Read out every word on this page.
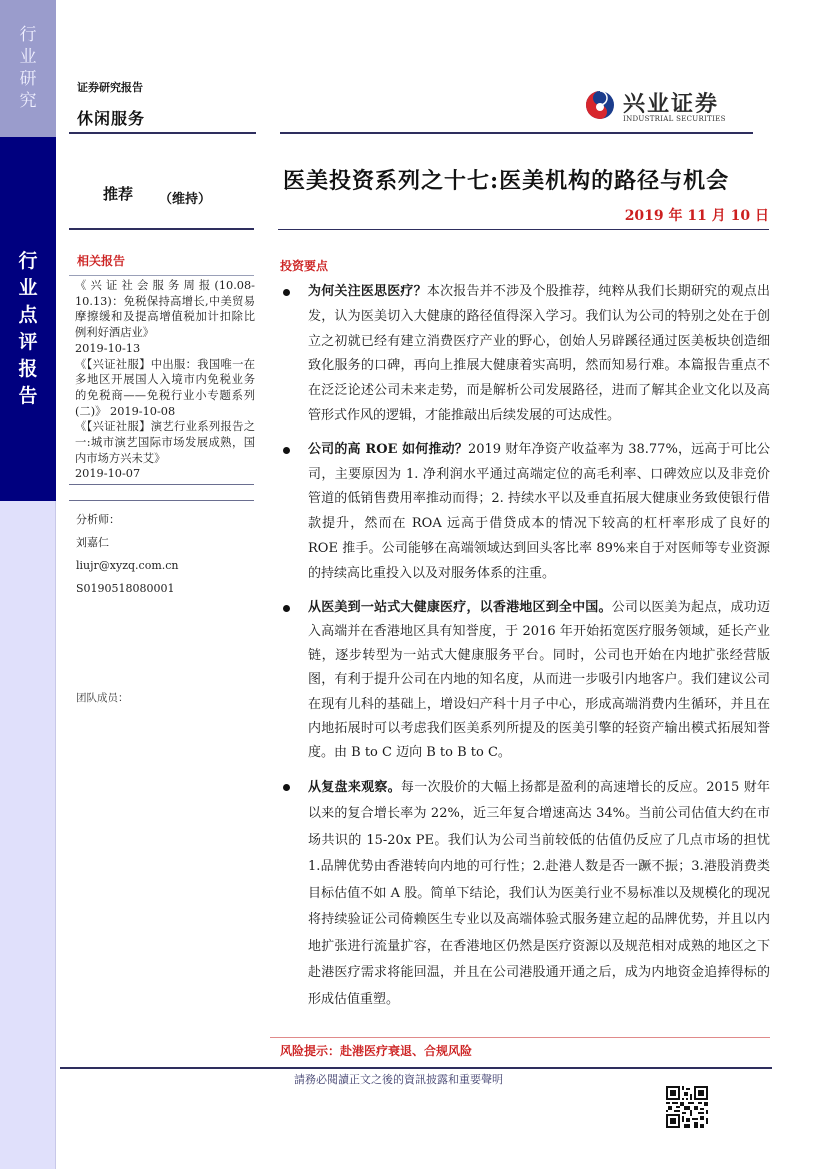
行
业
研
究
行
业
点
评
报
告
证券研究报告
休闲服务
兴业证券
INDUSTRIAL SECURITIES
推荐 （维持）
医美投资系列之十七:医美机构的路径与机会
2019 年 11 月 10 日
相关报告
《兴证社会服务周报(10.08-10.13)：免税保持高增长,中美贸易摩擦缓和及提高增值税加计扣除比例利好酒店业》
2019-10-13
《【兴证社服】中出服：我国唯一在多地区开展国人入境市内免税业务的免税商——免税行业小专题系列(二)》 2019-10-08
《【兴证社服】演艺行业系列报告之一:城市演艺国际市场发展成熟，国内市场方兴未艾》
2019-10-07
分析师：
刘嘉仁
liujr@xyzq.com.cn
S0190518080001
团队成员：
投资要点
为何关注医思医疗？本次报告并不涉及个股推荐，纯粹从我们长期研究的观点出发，认为医美切入大健康的路径值得深入学习。我们认为公司的特别之处在于创立之初就已经有建立消费医疗产业的野心，创始人另辟蹊径通过医美板块创造细致化服务的口碑，再向上推展大健康着实高明，然而知易行难。本篇报告重点不在泛泛论述公司未来走势，而是解析公司发展路径，进而了解其企业文化以及高管形式作风的逻辑，才能推敲出后续发展的可达成性。
公司的高 ROE 如何推动？2019 财年净资产收益率为 38.77%，远高于可比公司，主要原因为 1. 净利润水平通过高端定位的高毛利率、口碑效应以及非竞价管道的低销售费用率推动而得；2. 持续水平以及垂直拓展大健康业务致使银行借款提升，然而在 ROA 远高于借贷成本的情况下较高的杠杆率形成了良好的 ROE 推手。公司能够在高端领域达到回头客比率 89%来自于对医师等专业资源的持续高比重投入以及对服务体系的注重。
从医美到一站式大健康医疗，以香港地区到全中国。公司以医美为起点，成功迈入高端并在香港地区具有知誉度，于 2016 年开始拓宽医疗服务领域，延长产业链，逐步转型为一站式大健康服务平台。同时，公司也开始在内地扩张经营版图，有利于提升公司在内地的知名度，从而进一步吸引内地客户。我们建议公司在现有儿科的基础上，增设妇产科十月子中心，形成高端消费内生循环，并且在内地拓展时可以考虑我们医美系列所提及的医美引擎的轻资产输出模式拓展知誉度。由 B to C 迈向 B to B to C。
从复盘来观察。每一次股价的大幅上扬都是盈利的高速增长的反应。2015 财年以来的复合增长率为 22%，近三年复合增速高达 34%。当前公司估值大约在市场共识的 15-20x PE。我们认为公司当前较低的估值仍反应了几点市场的担忧 1.品牌优势由香港转向内地的可行性；2.赴港人数是否一蹶不振；3.港股消费类目标估值不如 A 股。简单下结论，我们认为医美行业不易标准以及规模化的现况将持续验证公司倚赖医生专业以及高端体验式服务建立起的品牌优势，并且以内地扩张进行流量扩容，在香港地区仍然是医疗资源以及规范相对成熟的地区之下赴港医疗需求将能回温，并且在公司港股通开通之后，成为内地资金追捧得标的形成估值重塑。
风险提示：赴港医疗衰退、合规风险
請務必閱讀正文之後的資訊披露和重要聲明
